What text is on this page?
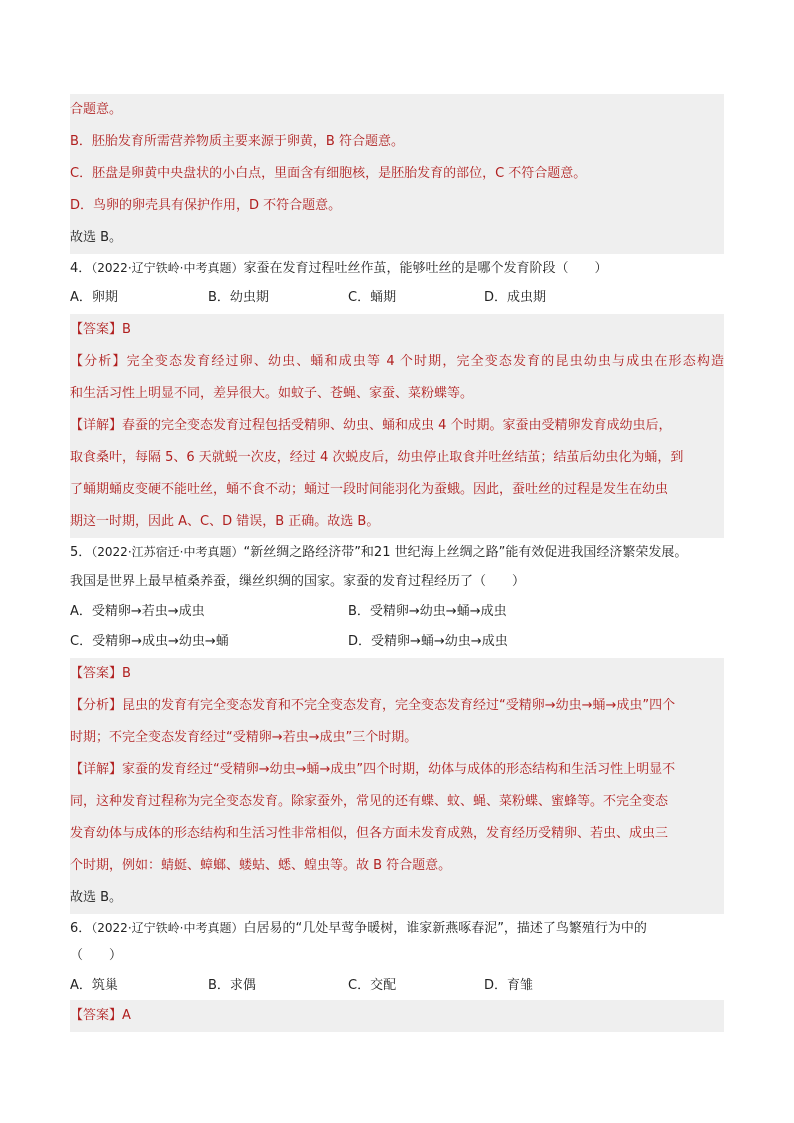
合题意。
B．胚胎发育所需营养物质主要来源于卵黄，B 符合题意。
C．胚盘是卵黄中央盘状的小白点，里面含有细胞核，是胚胎发育的部位，C 不符合题意。
D．鸟卵的卵壳具有保护作用，D 不符合题意。
故选 B。
4．（2022·辽宁铁岭·中考真题）家蚕在发育过程吐丝作茧，能够吐丝的是哪个发育阶段（　　）
A．卵期	B．幼虫期	C．蛹期	D．成虫期
【答案】B
【分析】完全变态发育经过卵、幼虫、蛹和成虫等 4 个时期，完全变态发育的昆虫幼虫与成虫在形态构造
和生活习性上明显不同，差异很大。如蚊子、苍蝇、家蚕、菜粉蝶等。
【详解】春蚕的完全变态发育过程包括受精卵、幼虫、蛹和成虫 4 个时期。家蚕由受精卵发育成幼虫后，
取食桑叶，每隔 5、6 天就蜕一次皮，经过 4 次蜕皮后，幼虫停止取食并吐丝结茧；结茧后幼虫化为蛹，到
了蛹期蛹皮变硬不能吐丝，蛹不食不动；蛹过一段时间能羽化为蚕蛾。因此，蚕吐丝的过程是发生在幼虫
期这一时期，因此 A、C、D 错误，B 正确。故选 B。
5．（2022·江苏宿迁·中考真题）“新丝绸之路经济带”和21 世纪海上丝绸之路”能有效促进我国经济繁荣发展。
我国是世界上最早植桑养蚕，缫丝织绸的国家。家蚕的发育过程经历了（　　）
A．受精卵→若虫→成虫	B．受精卵→幼虫→蛹→成虫
C．受精卵→成虫→幼虫→蛹	D．受精卵→蛹→幼虫→成虫
【答案】B
【分析】昆虫的发育有完全变态发育和不完全变态发育，完全变态发育经过“受精卵→幼虫→蛹→成虫”四个
时期；不完全变态发育经过“受精卵→若虫→成虫”三个时期。
【详解】家蚕的发育经过“受精卵→幼虫→蛹→成虫”四个时期，幼体与成体的形态结构和生活习性上明显不
同，这种发育过程称为完全变态发育。除家蚕外，常见的还有蝶、蚊、蝇、菜粉蝶、蜜蜂等。不完全变态
发育幼体与成体的形态结构和生活习性非常相似，但各方面未发育成熟，发育经历受精卵、若虫、成虫三
个时期，例如：蜻蜓、蟑螂、蝼蛄、蟋、蝗虫等。故 B 符合题意。
故选 B。
6．（2022·辽宁铁岭·中考真题）白居易的“几处早莺争暖树，谁家新燕啄春泥”，描述了鸟繁殖行为中的
（　　）
A．筑巢	B．求偶	C．交配	D．育雏
【答案】A
